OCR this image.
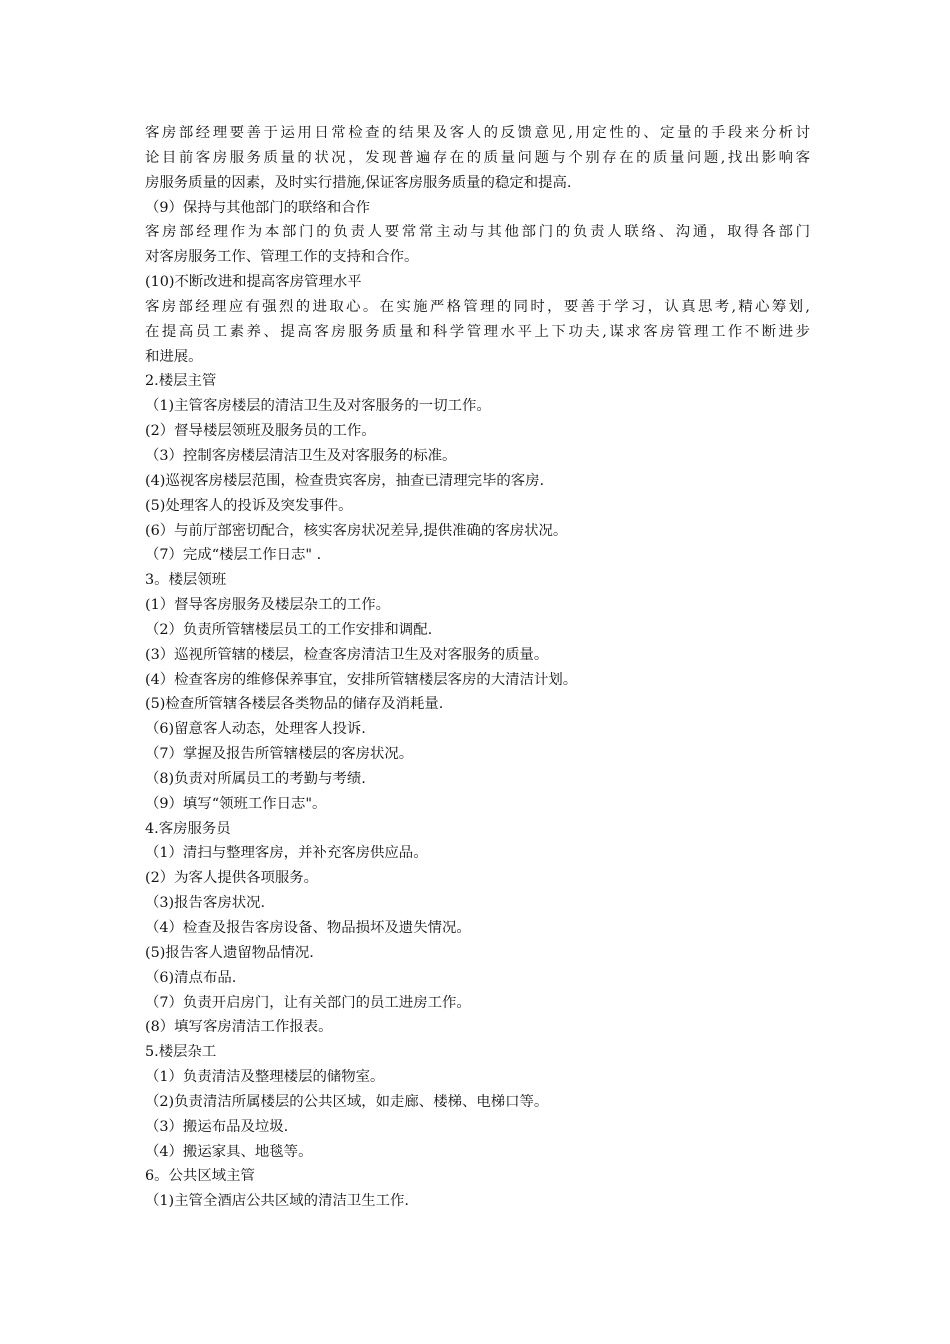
客房部经理要善于运用日常检查的结果及客人的反馈意见,用定性的、定量的手段来分析讨

论目前客房服务质量的状况，发现普遍存在的质量问题与个别存在的质量问题,找出影响客

房服务质量的因素，及时实行措施,保证客房服务质量的稳定和提高.

（9）保持与其他部门的联络和合作

客房部经理作为本部门的负责人要常常主动与其他部门的负责人联络、沟通，取得各部门

对客房服务工作、管理工作的支持和合作。

(10)不断改进和提高客房管理水平

客房部经理应有强烈的进取心。在实施严格管理的同时，要善于学习，认真思考,精心筹划,

在提高员工素养、提高客房服务质量和科学管理水平上下功夫,谋求客房管理工作不断进步

和进展。

2.楼层主管

（1)主管客房楼层的清洁卫生及对客服务的一切工作。

(2）督导楼层领班及服务员的工作。

（3）控制客房楼层清洁卫生及对客服务的标准。

(4)巡视客房楼层范围，检查贵宾客房，抽查已清理完毕的客房.

(5)处理客人的投诉及突发事件。

(6）与前厅部密切配合，核实客房状况差异,提供准确的客房状况。

（7）完成“楼层工作日志" .

3。楼层领班

(1）督导客房服务及楼层杂工的工作。

（2）负责所管辖楼层员工的工作安排和调配.

(3）巡视所管辖的楼层，检查客房清洁卫生及对客服务的质量。

(4）检查客房的维修保养事宜，安排所管辖楼层客房的大清洁计划。

(5)检查所管辖各楼层各类物品的储存及消耗量.

（6)留意客人动态，处理客人投诉.

（7）掌握及报告所管辖楼层的客房状况。

（8)负责对所属员工的考勤与考绩.

（9）填写“领班工作日志"。

4.客房服务员

（1）清扫与整理客房，并补充客房供应品。

(2）为客人提供各项服务。

（3)报告客房状况.

（4）检查及报告客房设备、物品损坏及遗失情况。

(5)报告客人遗留物品情况.

（6)清点布品.

（7）负责开启房门，让有关部门的员工进房工作。

(8）填写客房清洁工作报表。

5.楼层杂工

（1）负责清洁及整理楼层的储物室。

（2)负责清洁所属楼层的公共区域，如走廊、楼梯、电梯口等。

（3）搬运布品及垃圾.

（4）搬运家具、地毯等。

6。公共区域主管

（1)主管全酒店公共区域的清洁卫生工作.
